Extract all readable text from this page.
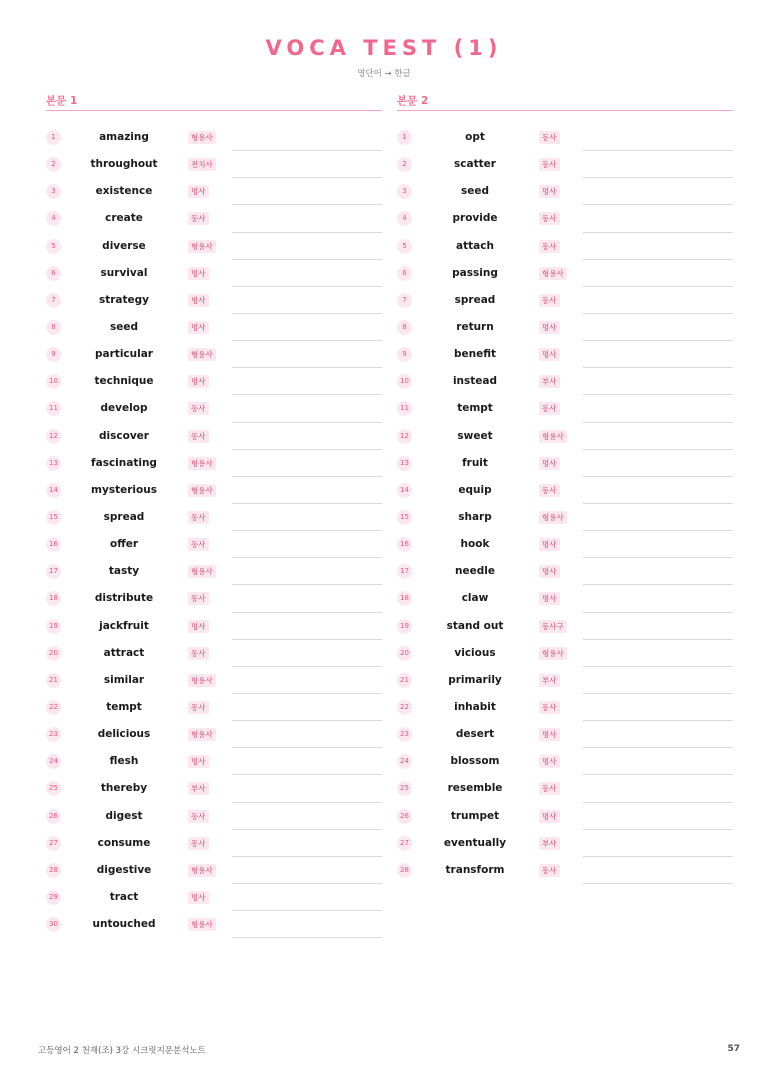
VOCA TEST (1)
영단어 → 한글
본문 1
1	amazing	형용사
2	throughout	전치사
3	existence	명사
4	create	동사
5	diverse	형용사
6	survival	명사
7	strategy	명사
8	seed	명사
9	particular	형용사
10	technique	명사
11	develop	동사
12	discover	동사
13	fascinating	형용사
14	mysterious	형용사
15	spread	동사
16	offer	동사
17	tasty	형용사
18	distribute	동사
19	jackfruit	명사
20	attract	동사
21	similar	형용사
22	tempt	동사
23	delicious	형용사
24	flesh	명사
25	thereby	부사
26	digest	동사
27	consume	동사
28	digestive	형용사
29	tract	명사
30	untouched	형용사
본문 2
1	opt	동사
2	scatter	동사
3	seed	명사
4	provide	동사
5	attach	동사
6	passing	형용사
7	spread	동사
8	return	명사
9	benefit	명사
10	instead	부사
11	tempt	동사
12	sweet	형용사
13	fruit	명사
14	equip	동사
15	sharp	형용사
16	hook	명사
17	needle	명사
18	claw	명사
19	stand out	동사구
20	vicious	형용사
21	primarily	부사
22	inhabit	동사
23	desert	명사
24	blossom	명사
25	resemble	동사
26	trumpet	명사
27	eventually	부사
28	transform	동사
고등영어 2 천재(조) 3강 시크릿지문분석노트	57
